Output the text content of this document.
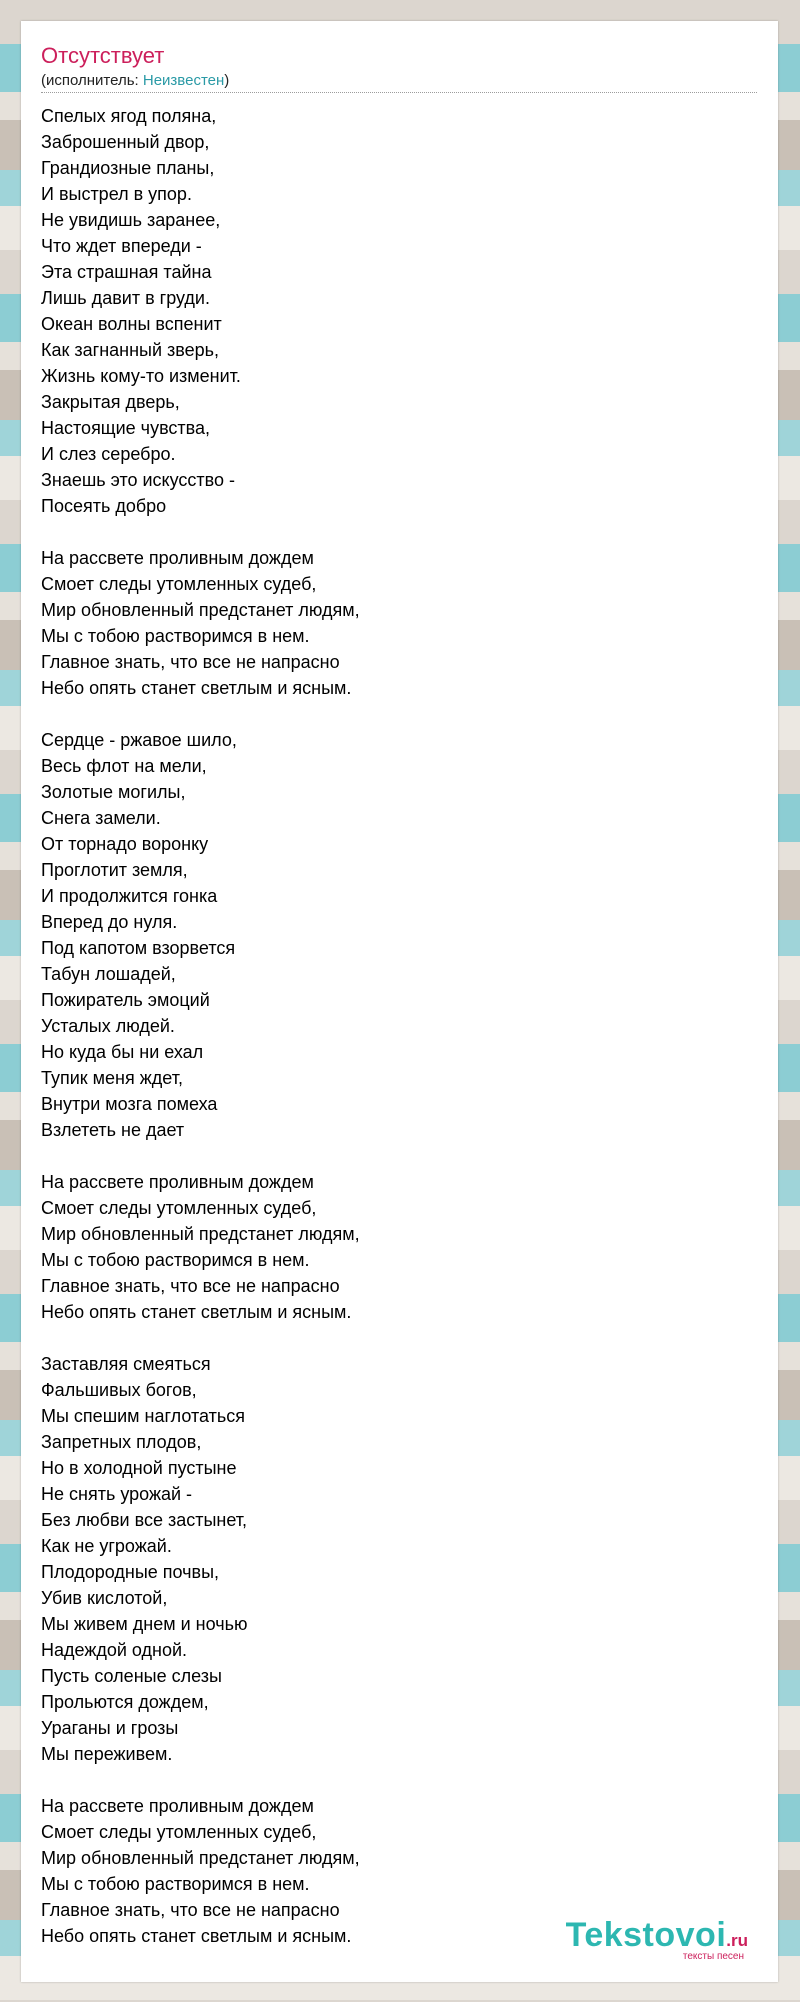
Отсутствует
(исполнитель: Неизвестен)
Спелых ягод поляна,
Заброшенный двор,
Грандиозные планы,
И выстрел в упор.
Не увидишь заранее,
Что ждет впереди -
Эта страшная тайна
Лишь давит в груди.
Океан волны вспенит
Как загнанный зверь,
Жизнь кому-то изменит.
Закрытая дверь,
Настоящие чувства,
И слез серебро.
Знаешь это искусство -
Посеять добро
На рассвете проливным дождем
Смоет следы утомленных судеб,
Мир обновленный предстанет людям,
Мы с тобою растворимся в нем.
Главное знать, что все не напрасно
Небо опять станет светлым и ясным.
Сердце - ржавое шило,
Весь флот на мели,
Золотые могилы,
Снега замели.
От торнадо воронку
Проглотит земля,
И продолжится гонка
Вперед до нуля.
Под капотом взорвется
Табун лошадей,
Пожиратель эмоций
Усталых людей.
Но куда бы ни ехал
Тупик меня ждет,
Внутри мозга помеха
Взлететь не дает
На рассвете проливным дождем
Смоет следы утомленных судеб,
Мир обновленный предстанет людям,
Мы с тобою растворимся в нем.
Главное знать, что все не напрасно
Небо опять станет светлым и ясным.
Заставляя смеяться
Фальшивых богов,
Мы спешим наглотаться
Запретных плодов,
Но в холодной пустыне
Не снять урожай -
Без любви все застынет,
Как не угрожай.
Плодородные почвы,
Убив кислотой,
Мы живем днем и ночью
Надеждой одной.
Пусть соленые слезы
Прольются дождем,
Ураганы и грозы
Мы переживем.
На рассвете проливным дождем
Смоет следы утомленных судеб,
Мир обновленный предстанет людям,
Мы с тобою растворимся в нем.
Главное знать, что все не напрасно
Небо опять станет светлым и ясным.	Tekstovoi.ru
тексты песен
